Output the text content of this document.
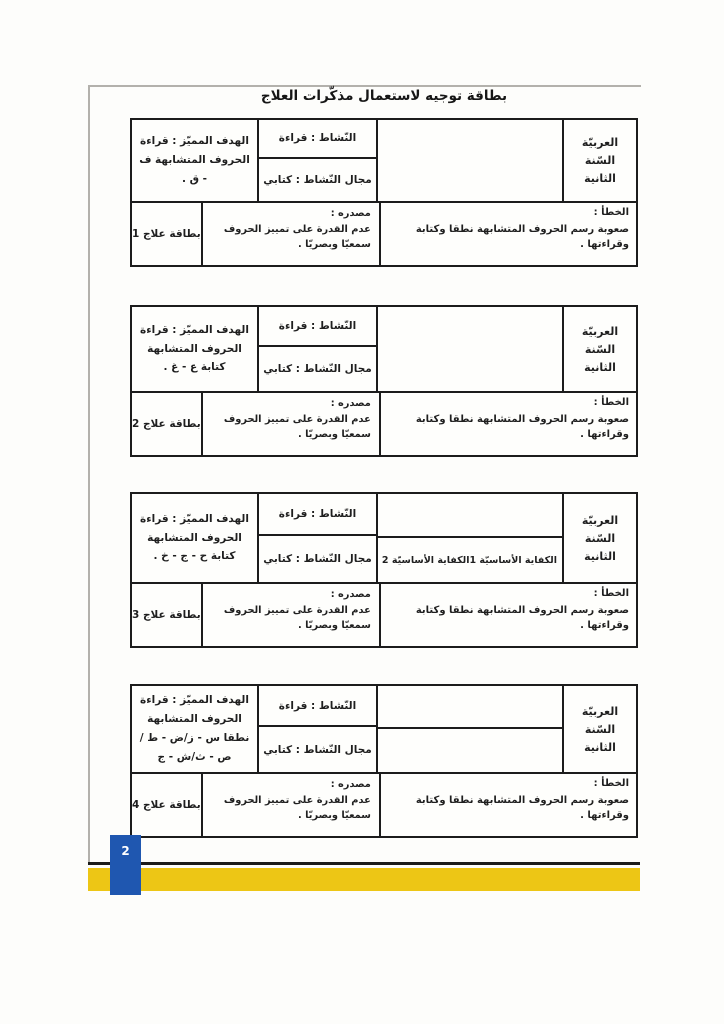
بطاقة توجيه لاستعمال مذكّرات العلاج
العربيّة
السّنة
الثانية
النّشاط : قراءة
مجال النّشاط : كتابي
الهدف المميّز : قراءة الحروف المتشابهة ف - ق .
الخطأ :
صعوبة رسم الحروف المتشابهة نطقا وكتابة وقراءتها .
مصدره :
عدم القدرة على تمييز الحروف سمعيّا وبصريّا .
بطاقة علاج 1
العربيّة
السّنة
الثانية
النّشاط : قراءة
مجال النّشاط : كتابي
الهدف المميّز : قراءة الحروف المتشابهة كتابة ع - غ .
الخطأ :
صعوبة رسم الحروف المتشابهة نطقا وكتابة وقراءتها .
مصدره :
عدم القدرة على تمييز الحروف سمعيّا وبصريّا .
بطاقة علاج 2
العربيّة
السّنة
الثانية
الكفاية الأساسيّة 1
الكفاية الأساسيّة 2
النّشاط : قراءة
مجال النّشاط : كتابي
الهدف المميّز : قراءة الحروف المتشابهة كتابة ح - ج - خ .
الخطأ :
صعوبة رسم الحروف المتشابهة نطقا وكتابة وقراءتها .
مصدره :
عدم القدرة على تمييز الحروف سمعيّا وبصريّا .
بطاقة علاج 3
العربيّة
السّنة
الثانية
النّشاط : قراءة
مجال النّشاط : كتابي
الهدف المميّز : قراءة الحروف المتشابهة نطقا س - ز/ض - ط / ص - ث/ش - ج
الخطأ :
صعوبة رسم الحروف المتشابهة نطقا وكتابة وقراءتها .
مصدره :
عدم القدرة على تمييز الحروف سمعيّا وبصريّا .
بطاقة علاج 4
2
